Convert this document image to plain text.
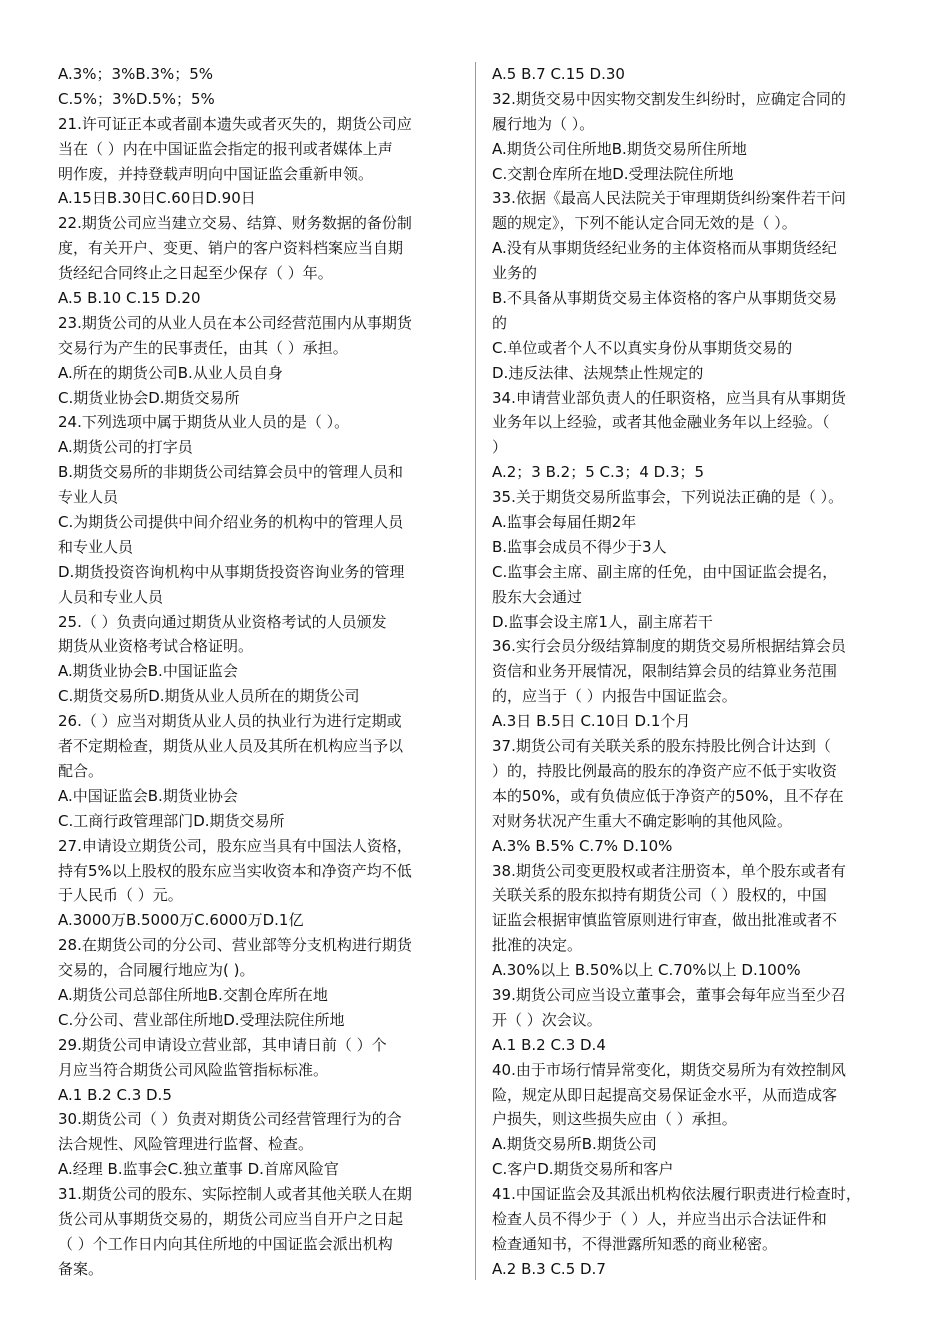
A.3%；3%B.3%；5%
C.5%；3%D.5%；5%
21.许可证正本或者副本遗失或者灭失的，期货公司应
当在（ ）内在中国证监会指定的报刊或者媒体上声
明作废，并持登载声明向中国证监会重新申领。
A.15日B.30日C.60日D.90日
22.期货公司应当建立交易、结算、财务数据的备份制
度，有关开户、变更、销户的客户资料档案应当自期
货经纪合同终止之日起至少保存（ ）年。
A.5 B.10 C.15 D.20
23.期货公司的从业人员在本公司经营范围内从事期货
交易行为产生的民事责任，由其（ ）承担。
A.所在的期货公司B.从业人员自身
C.期货业协会D.期货交易所
24.下列选项中属于期货从业人员的是（ ）。
A.期货公司的打字员
B.期货交易所的非期货公司结算会员中的管理人员和
专业人员
C.为期货公司提供中间介绍业务的机构中的管理人员
和专业人员
D.期货投资咨询机构中从事期货投资咨询业务的管理
人员和专业人员
25.（ ）负责向通过期货从业资格考试的人员颁发
期货从业资格考试合格证明。
A.期货业协会B.中国证监会
C.期货交易所D.期货从业人员所在的期货公司
26.（ ）应当对期货从业人员的执业行为进行定期或
者不定期检查，期货从业人员及其所在机构应当予以
配合。
A.中国证监会B.期货业协会
C.工商行政管理部门D.期货交易所
27.申请设立期货公司，股东应当具有中国法人资格，
持有5%以上股权的股东应当实收资本和净资产均不低
于人民币（ ）元。
A.3000万B.5000万C.6000万D.1亿
28.在期货公司的分公司、营业部等分支机构进行期货
交易的，合同履行地应为( )。
A.期货公司总部住所地B.交割仓库所在地
C.分公司、营业部住所地D.受理法院住所地
29.期货公司申请设立营业部，其申请日前（ ）个
月应当符合期货公司风险监管指标标准。
A.1 B.2 C.3 D.5
30.期货公司（ ）负责对期货公司经营管理行为的合
法合规性、风险管理进行监督、检查。
A.经理 B.监事会C.独立董事 D.首席风险官
31.期货公司的股东、实际控制人或者其他关联人在期
货公司从事期货交易的，期货公司应当自开户之日起
（ ）个工作日内向其住所地的中国证监会派出机构
备案。
A.5 B.7 C.15 D.30
32.期货交易中因实物交割发生纠纷时，应确定合同的
履行地为（ ）。
A.期货公司住所地B.期货交易所住所地
C.交割仓库所在地D.受理法院住所地
33.依据《最高人民法院关于审理期货纠纷案件若干问
题的规定》，下列不能认定合同无效的是（ ）。
A.没有从事期货经纪业务的主体资格而从事期货经纪
业务的
B.不具备从事期货交易主体资格的客户从事期货交易
的
C.单位或者个人不以真实身份从事期货交易的
D.违反法律、法规禁止性规定的
34.申请营业部负责人的任职资格，应当具有从事期货
业务年以上经验，或者其他金融业务年以上经验。（
）
A.2；3 B.2；5 C.3；4 D.3；5
35.关于期货交易所监事会，下列说法正确的是（ ）。
A.监事会每届任期2年
B.监事会成员不得少于3人
C.监事会主席、副主席的任免，由中国证监会提名，
股东大会通过
D.监事会设主席1人，副主席若干
36.实行会员分级结算制度的期货交易所根据结算会员
资信和业务开展情况，限制结算会员的结算业务范围
的，应当于（ ）内报告中国证监会。
A.3日 B.5日 C.10日 D.1个月
37.期货公司有关联关系的股东持股比例合计达到（
）的，持股比例最高的股东的净资产应不低于实收资
本的50%，或有负债应低于净资产的50%，且不存在
对财务状况产生重大不确定影响的其他风险。
A.3% B.5% C.7% D.10%
38.期货公司变更股权或者注册资本，单个股东或者有
关联关系的股东拟持有期货公司（ ）股权的，中国
证监会根据审慎监管原则进行审查，做出批准或者不
批准的决定。
A.30%以上 B.50%以上 C.70%以上 D.100%
39.期货公司应当设立董事会，董事会每年应当至少召
开（ ）次会议。
A.1 B.2 C.3 D.4
40.由于市场行情异常变化，期货交易所为有效控制风
险，规定从即日起提高交易保证金水平，从而造成客
户损失，则这些损失应由（ ）承担。
A.期货交易所B.期货公司
C.客户D.期货交易所和客户
41.中国证监会及其派出机构依法履行职责进行检查时，
检查人员不得少于（ ）人，并应当出示合法证件和
检查通知书，不得泄露所知悉的商业秘密。
A.2 B.3 C.5 D.7
